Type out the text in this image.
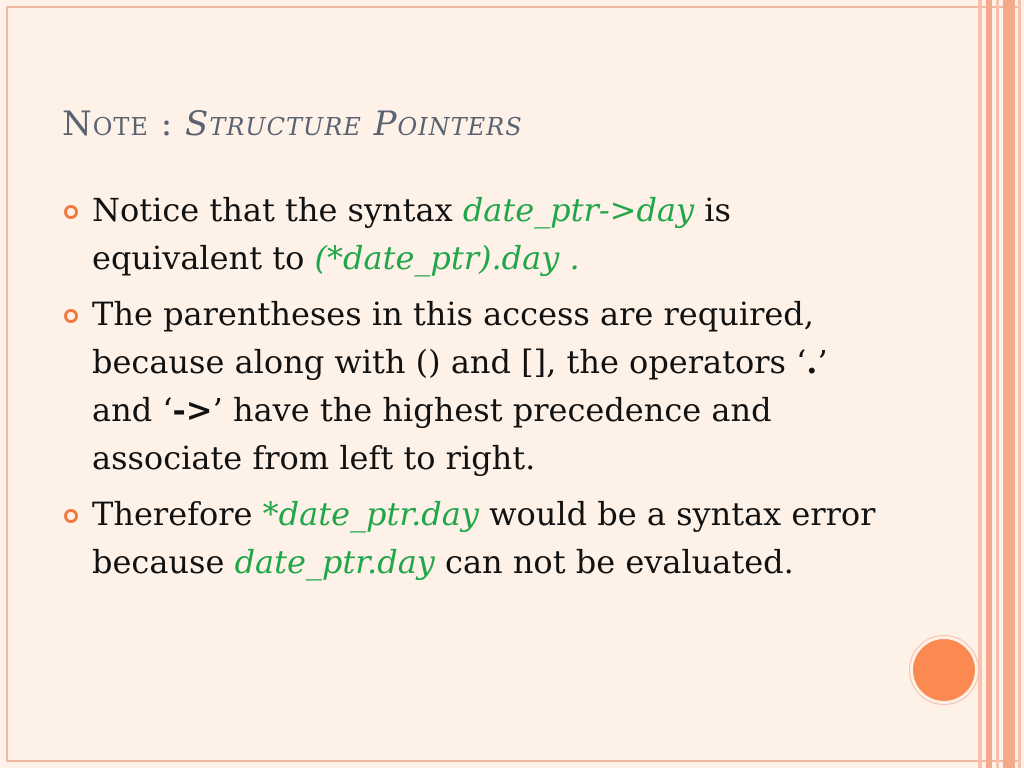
Note : Structure Pointers
Notice that the syntax date_ptr->day is equivalent to (*date_ptr).day .
The parentheses in this access are required, because along with () and [], the operators ‘.’ and ‘->’ have the highest precedence and associate from left to right.
Therefore *date_ptr.day would be a syntax error because date_ptr.day can not be evaluated.
